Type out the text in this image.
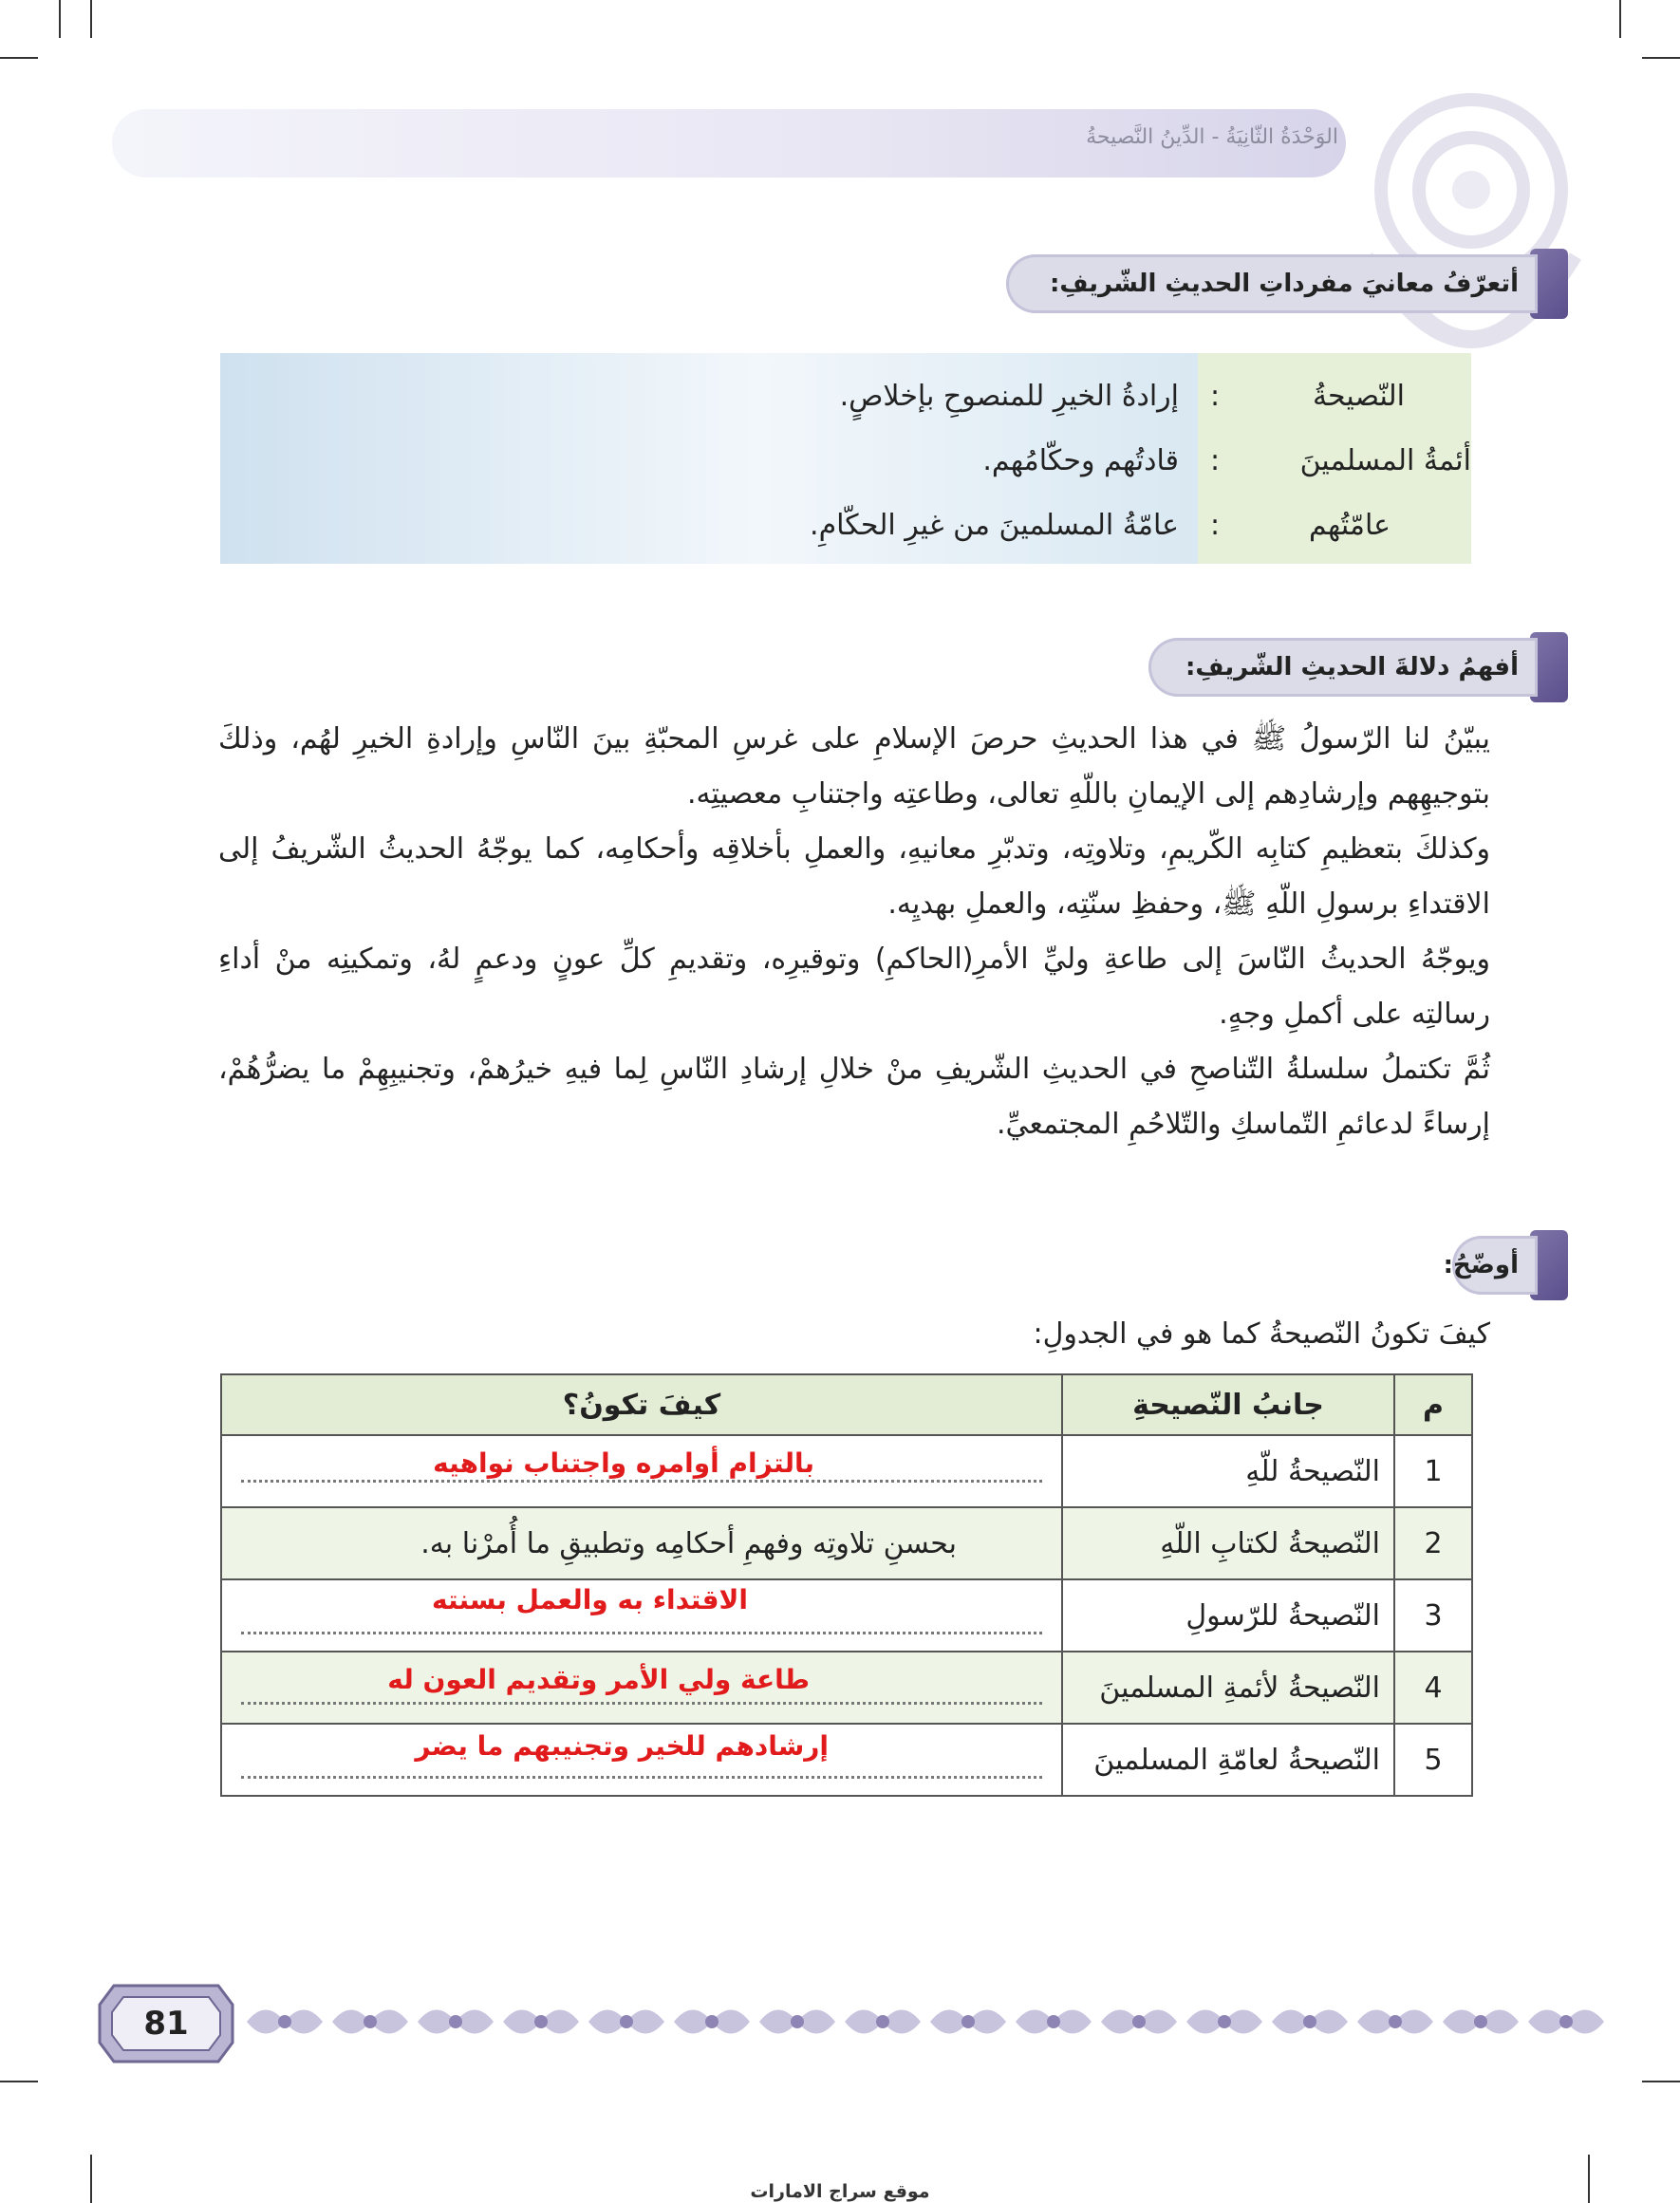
الوَحْدَةُ الثّانِيَةُ - الدِّينُ النَّصيحةُ
أتعرّفُ معانيَ مفرداتِ الحديثِ الشّريفِ:
النّصيحةُ
:
إرادةُ الخيرِ للمنصوحِ بإخلاصٍ.
أئمةُ المسلمينَ
:
قادتُهم وحكّامُهم.
عامّتُهم
:
عامّةُ المسلمينَ من غيرِ الحكّامِ.
أفهمُ دلالةَ الحديثِ الشّريفِ:

يبيّنُ لنا الرّسولُ ﷺ في هذا الحديثِ حرصَ الإسلامِ على غرسِ المحبّةِ بينَ النّاسِ وإرادةِ الخيرِ لهُم، وذلكَ بتوجيهِهم وإرشادِهم إلى الإيمانِ باللّهِ تعالى، وطاعتِه واجتنابِ معصيتِه.

وكذلكَ بتعظيمِ كتابِه الكّريمِ، وتلاوتِه، وتدبّرِ معانيهِ، والعملِ بأخلاقِه وأحكامِه، كما يوجّهُ الحديثُ الشّريفُ إلى الاقتداءِ برسولِ اللّهِ ﷺ، وحفظِ سنّتِه، والعملِ بهديِه.

ويوجّهُ الحديثُ النّاسَ إلى طاعةِ وليِّ الأمرِ(الحاكمِ) وتوقيرِه، وتقديمِ كلِّ عونٍ ودعمٍ لهُ، وتمكينِه منْ أداءِ رسالتِه على أكملِ وجهٍ.

ثُمَّ تكتملُ سلسلةُ التّناصحِ في الحديثِ الشّريفِ منْ خلالِ إرشادِ النّاسِ لِما فيهِ خيرُهمْ، وتجنيبِهِمْ ما يضرُّهُمْ، إرساءً لدعائمِ التّماسكِ والتّلاحُمِ المجتمعيِّ.

أوضّحُ:
كيفَ تكونُ النّصيحةُ كما هو في الجدولِ:
م	جانبُ النّصيحةِ	كيفَ تكونُ؟
1	النّصيحةُ للّهِ	بالتزام أوامره واجتناب نواهيه

2	النّصيحةُ لكتابِ اللّهِ	بحسنِ تلاوتِه وفهمِ أحكامِه وتطبيقِ ما أُمرْنا به.
3	النّصيحةُ للرّسولِ	الاقتداء به والعمل بسنته

4	النّصيحةُ لأئمةِ المسلمينَ	طاعة ولي الأمر وتقديم العون له

5	النّصيحةُ لعامّةِ المسلمينَ	إرشادهم للخير وتجنيبهم ما يضر
81
موقع سراج الامارات
